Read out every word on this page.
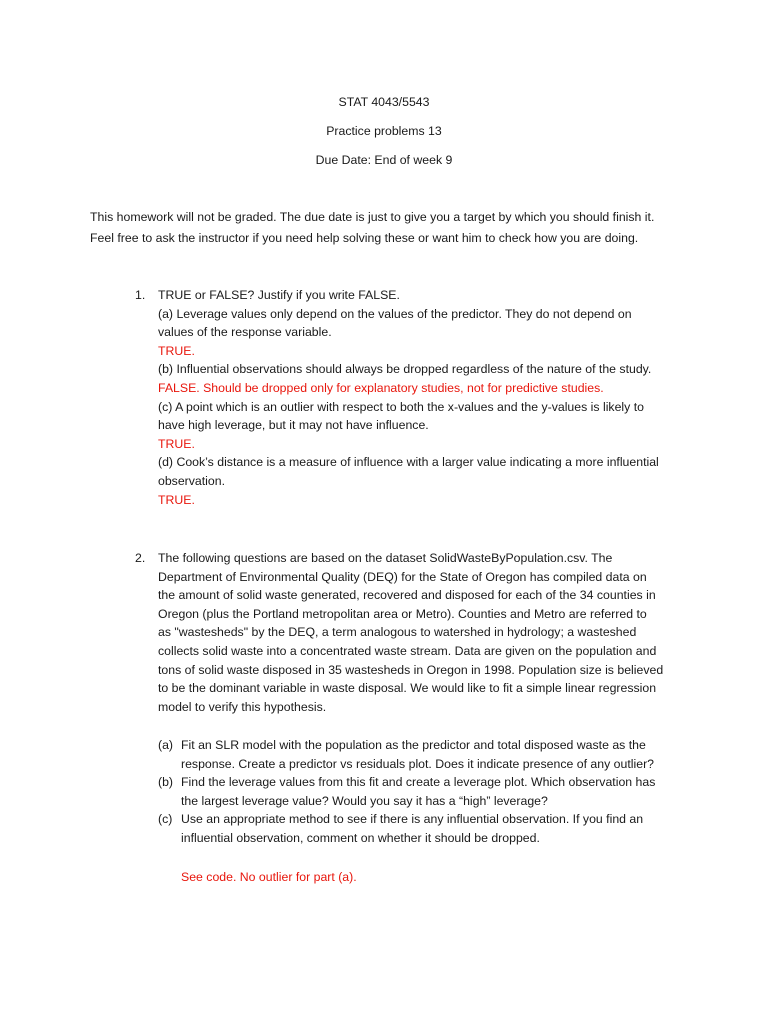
STAT 4043/5543
Practice problems 13
Due Date: End of week 9
This homework will not be graded. The due date is just to give you a target by which you should finish it.
Feel free to ask the instructor if you need help solving these or want him to check how you are doing.
1. TRUE or FALSE? Justify if you write FALSE.
(a) Leverage values only depend on the values of the predictor. They do not depend on
values of the response variable.
TRUE.
(b) Influential observations should always be dropped regardless of the nature of the study.
FALSE. Should be dropped only for explanatory studies, not for predictive studies.
(c) A point which is an outlier with respect to both the x-values and the y-values is likely to
have high leverage, but it may not have influence.
TRUE.
(d) Cook’s distance is a measure of influence with a larger value indicating a more influential
observation.
TRUE.
2. The following questions are based on the dataset SolidWasteByPopulation.csv. The
Department of Environmental Quality (DEQ) for the State of Oregon has compiled data on
the amount of solid waste generated, recovered and disposed for each of the 34 counties in
Oregon (plus the Portland metropolitan area or Metro). Counties and Metro are referred to
as "wastesheds" by the DEQ, a term analogous to watershed in hydrology; a wasteshed
collects solid waste into a concentrated waste stream. Data are given on the population and
tons of solid waste disposed in 35 wastesheds in Oregon in 1998. Population size is believed
to be the dominant variable in waste disposal. We would like to fit a simple linear regression
model to verify this hypothesis.
(a) Fit an SLR model with the population as the predictor and total disposed waste as the
response. Create a predictor vs residuals plot. Does it indicate presence of any outlier?
(b) Find the leverage values from this fit and create a leverage plot. Which observation has
the largest leverage value? Would you say it has a “high” leverage?
(c) Use an appropriate method to see if there is any influential observation. If you find an
influential observation, comment on whether it should be dropped.
See code. No outlier for part (a).
